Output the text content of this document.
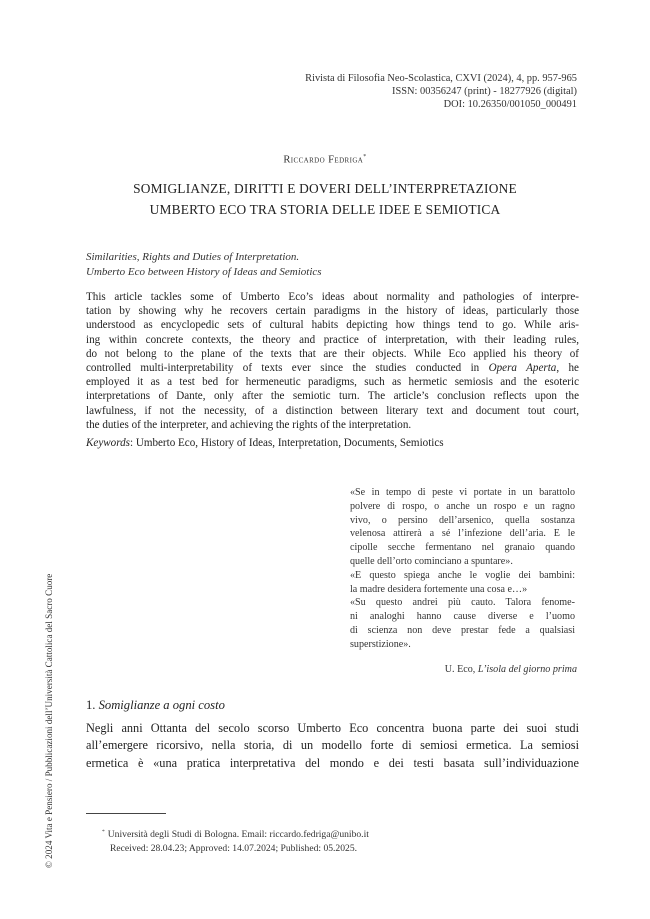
Rivista di Filosofia Neo-Scolastica, CXVI (2024), 4, pp. 957-965
ISSN: 00356247 (print) - 18277926 (digital)
DOI: 10.26350/001050_000491
Riccardo Fedriga*
SOMIGLIANZE, DIRITTI E DOVERI DELL’INTERPRETAZIONE
UMBERTO ECO TRA STORIA DELLE IDEE E SEMIOTICA
Similarities, Rights and Duties of Interpretation.
Umberto Eco between History of Ideas and Semiotics

This article tackles some of Umberto Eco’s ideas about normality and pathologies of interpre-
tation by showing why he recovers certain paradigms in the history of ideas, particularly those
understood as encyclopedic sets of cultural habits depicting how things tend to go. While aris-
ing within concrete contexts, the theory and practice of interpretation, with their leading rules,
do not belong to the plane of the texts that are their objects. While Eco applied his theory of
controlled multi-interpretability of texts ever since the studies conducted in Opera Aperta, he
employed it as a test bed for hermeneutic paradigms, such as hermetic semiosis and the esoteric
interpretations of Dante, only after the semiotic turn. The article’s conclusion reflects upon the
lawfulness, if not the necessity, of a distinction between literary text and document tout court,
the duties of the interpreter, and achieving the rights of the interpretation.

Keywords: Umberto Eco, History of Ideas, Interpretation, Documents, Semiotics
«Se in tempo di peste vi portate in un barattolo
polvere di rospo, o anche un rospo e un ragno
vivo, o persino dell’arsenico, quella sostanza
velenosa attirerà a sé l’infezione dell’aria. E le
cipolle secche fermentano nel granaio quando
quelle dell’orto cominciano a spuntare».
«E questo spiega anche le voglie dei bambini:
la madre desidera fortemente una cosa e…»
«Su questo andrei più cauto. Talora fenome-
ni analoghi hanno cause diverse e l’uomo
di scienza non deve prestar fede a qualsiasi
superstizione».
U. Eco, L’isola del giorno prima
1. Somiglianze a ogni costo
Negli anni Ottanta del secolo scorso Umberto Eco concentra buona parte dei suoi studi
all’emergere ricorsivo, nella storia, di un modello forte di semiosi ermetica. La semiosi
ermetica è «una pratica interpretativa del mondo e dei testi basata sull’individuazione
* Università degli Studi di Bologna. Email: riccardo.fedriga@unibo.it
Received: 28.04.23; Approved: 14.07.2024; Published: 05.2025.
© 2024 Vita e Pensiero / Pubblicazioni dell’Università Cattolica del Sacro Cuore
